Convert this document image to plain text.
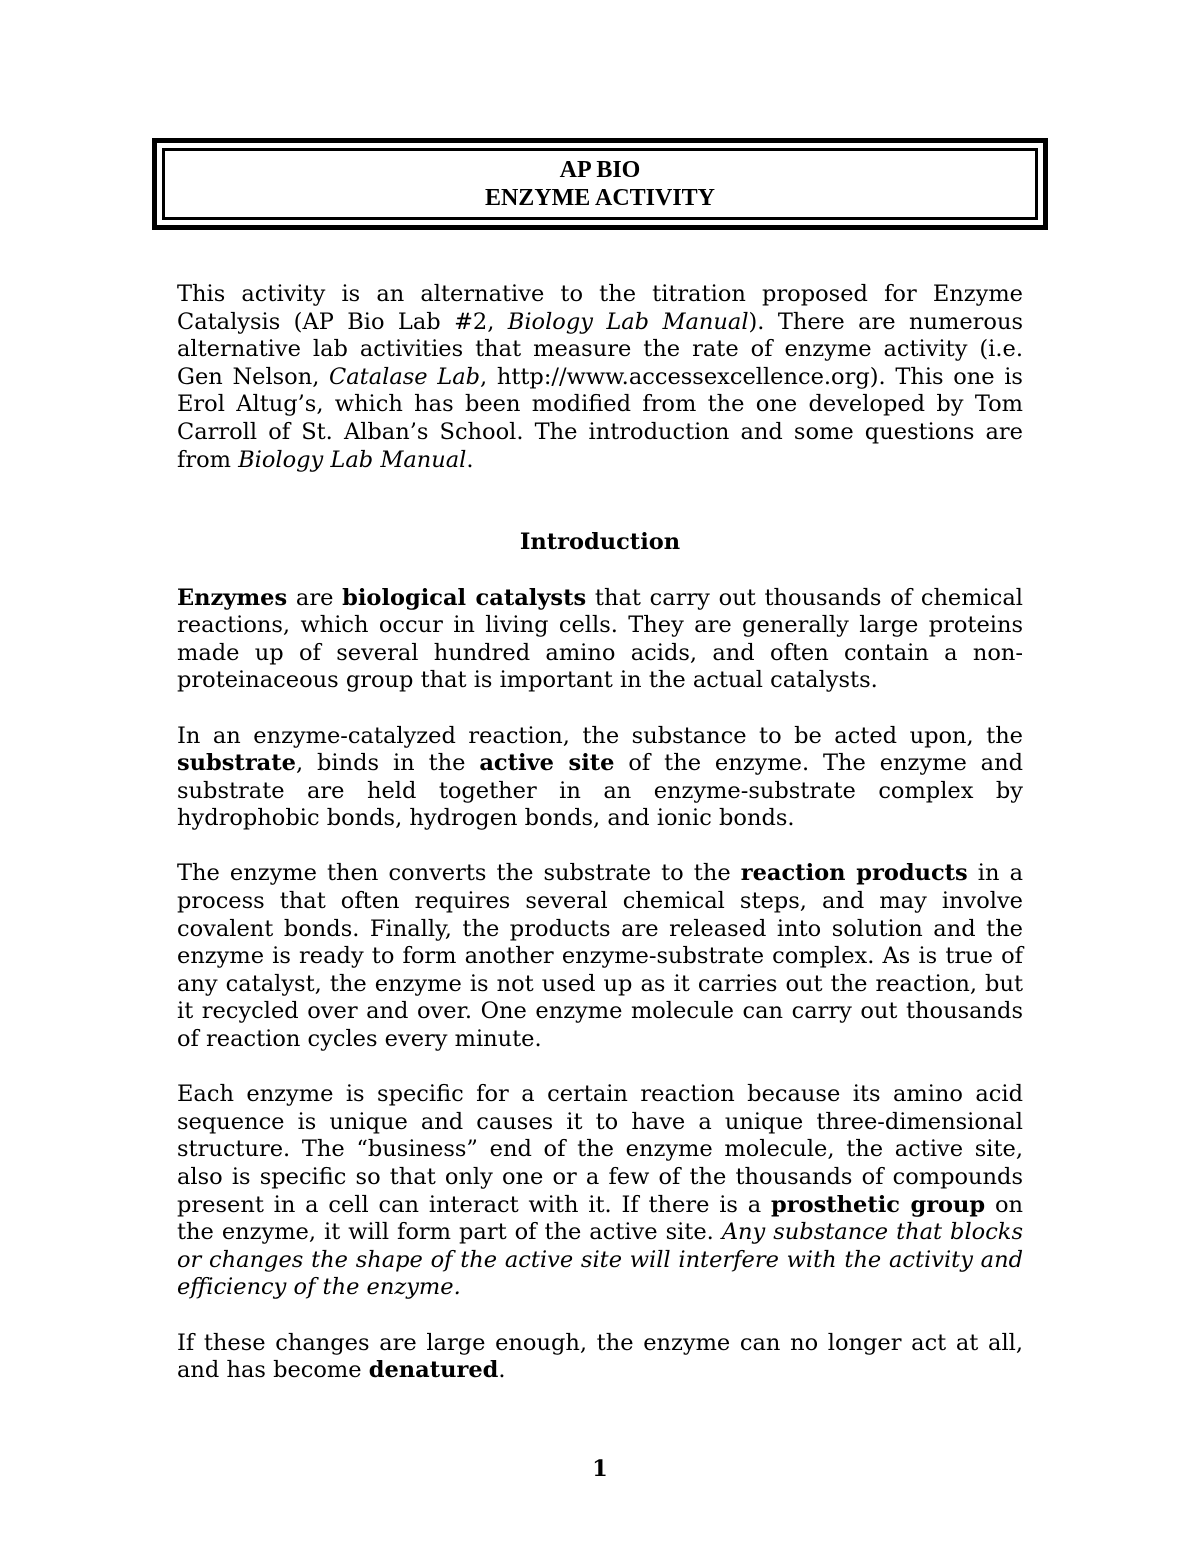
AP BIO
ENZYME ACTIVITY

This activity is an alternative to the titration proposed for Enzyme Catalysis (AP Bio Lab #2, Biology Lab Manual). There are numerous alternative lab activities that measure the rate of enzyme activity (i.e. Gen Nelson, Catalase Lab, http://www.accessexcellence.org). This one is Erol Altug’s, which has been modified from the one developed by Tom Carroll of St. Alban’s School. The introduction and some questions are from Biology Lab Manual.

Introduction

Enzymes are biological catalysts that carry out thousands of chemical reactions, which occur in living cells. They are generally large proteins made up of several hundred amino acids, and often contain a non-proteinaceous group that is important in the actual catalysts.

In an enzyme-catalyzed reaction, the substance to be acted upon, the substrate, binds in the active site of the enzyme. The enzyme and substrate are held together in an enzyme-substrate complex by hydrophobic bonds, hydrogen bonds, and ionic bonds.

The enzyme then converts the substrate to the reaction products in a process that often requires several chemical steps, and may involve covalent bonds. Finally, the products are released into solution and the enzyme is ready to form another enzyme-substrate complex. As is true of any catalyst, the enzyme is not used up as it carries out the reaction, but it recycled over and over. One enzyme molecule can carry out thousands of reaction cycles every minute.

Each enzyme is specific for a certain reaction because its amino acid sequence is unique and causes it to have a unique three-dimensional structure. The “business” end of the enzyme molecule, the active site, also is specific so that only one or a few of the thousands of compounds present in a cell can interact with it. If there is a prosthetic group on the enzyme, it will form part of the active site. Any substance that blocks or changes the shape of the active site will interfere with the activity and efficiency of the enzyme.

If these changes are large enough, the enzyme can no longer act at all, and has become denatured.

1
